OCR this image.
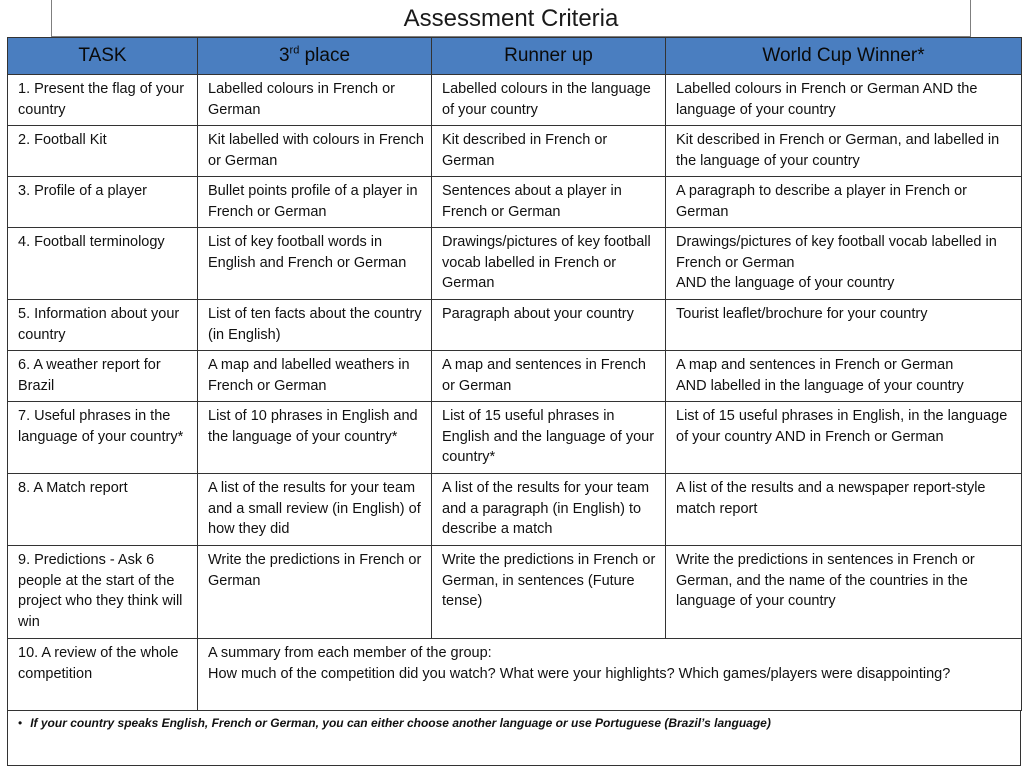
Assessment Criteria
TASK	3rd place	Runner up	World Cup Winner*
1. Present the flag of your country	Labelled colours in French or German	Labelled colours in the language of your country	Labelled colours in French or German AND the language of your country
2. Football Kit	Kit labelled with colours in French or German	Kit described in French or German	Kit described in French or German, and labelled in the language of your country
3. Profile of a player	Bullet points profile of a player in French or German	Sentences about a player in French or German	A paragraph to describe a player in French or German
4. Football terminology	List of key football words in English and French or German	Drawings/pictures of key football vocab labelled in French or German	Drawings/pictures of key football vocab labelled in French or German
AND the language of your country
5. Information about your country	List of ten facts about the country (in English)	Paragraph about your country	Tourist leaflet/brochure for your country
6. A weather report for Brazil	A map and labelled weathers in French or German	A map and sentences in French or German	A map and sentences in French or German
AND labelled in the language of your country
7. Useful phrases in the language of your country*	List of 10 phrases in English and the language of your country*	List of 15 useful phrases in English and the language of your country*	List of 15 useful phrases in English, in the language of your country AND in French or German
8. A Match report	A list of the results for your team and a small review (in English) of how they did	A list of the results for your team and a paragraph (in English) to describe a match	A list of the results and a newspaper report-style match report
9. Predictions - Ask 6 people at the start of the project who they think will win	Write the predictions in French or German	Write the predictions in French or German, in sentences (Future tense)	Write the predictions in sentences in French or German, and the name of the countries in the language of your country
10. A review of the whole competition	A summary from each member of the group:
How much of the competition did you watch? What were your highlights? Which games/players were disappointing?		
• If your country speaks English, French or German, you can either choose another language or use Portuguese (Brazil’s language)
